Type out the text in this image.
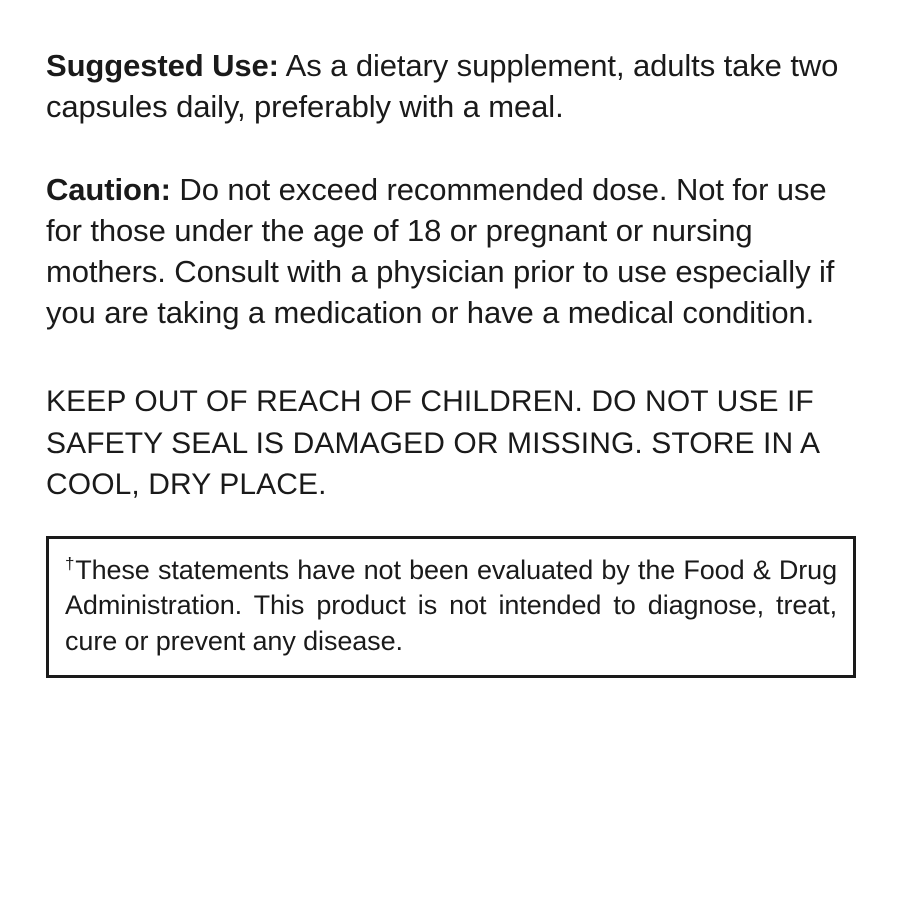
Suggested Use: As a dietary supplement, adults take two capsules daily, preferably with a meal.

Caution: Do not exceed recommended dose. Not for use for those under the age of 18 or pregnant or nursing mothers. Consult with a physician prior to use especially if you are taking a medication or have a medical condition.

KEEP OUT OF REACH OF CHILDREN. DO NOT USE IF SAFETY SEAL IS DAMAGED OR MISSING. STORE IN A COOL, DRY PLACE.

†These statements have not been evaluated by the Food & Drug Administration. This product is not intended to diagnose, treat, cure or prevent any disease.
